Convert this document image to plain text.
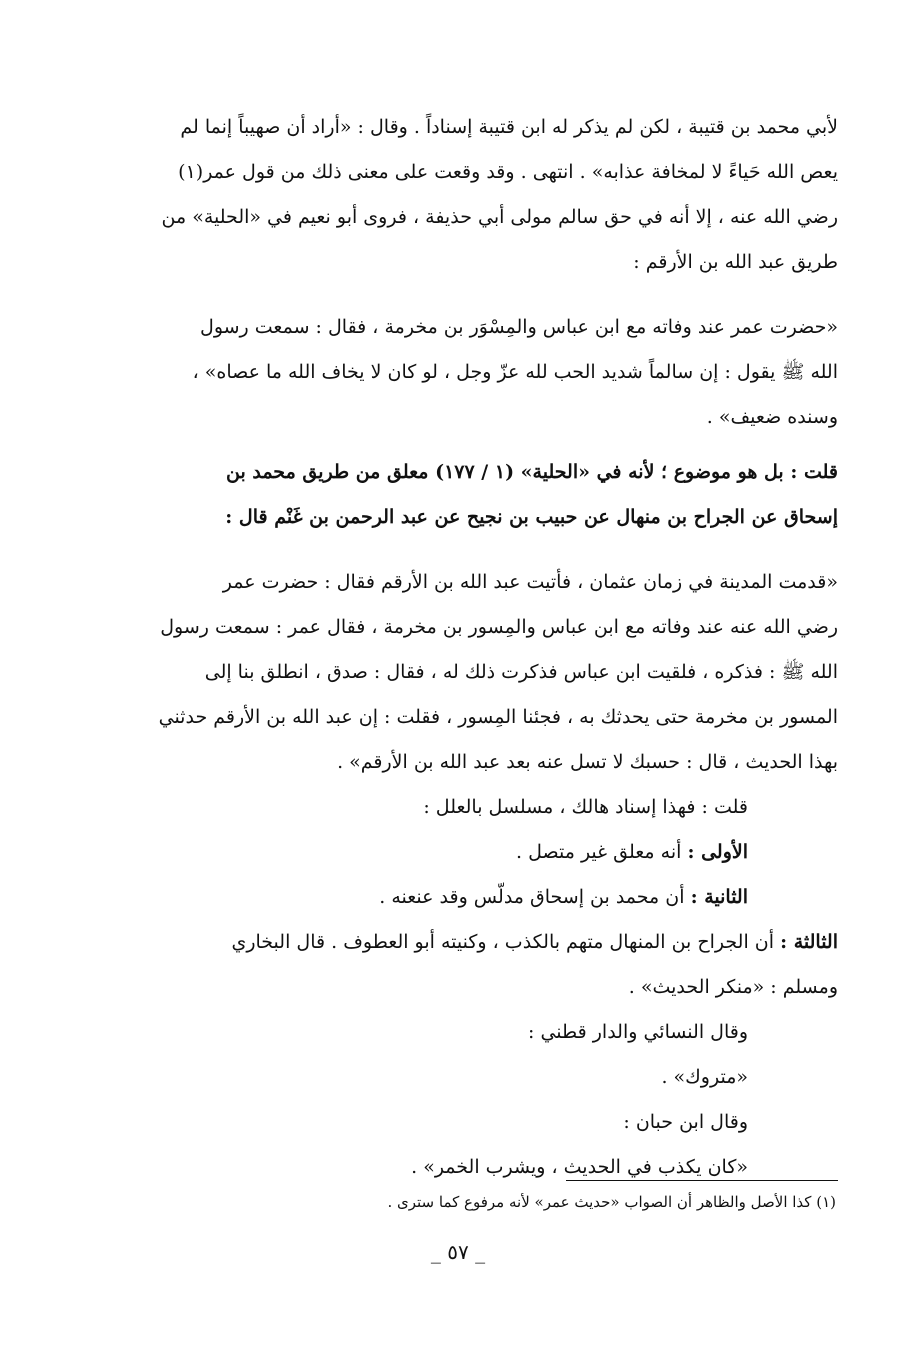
لأبي محمد بن قتيبة ، لكن لم يذكر له ابن قتيبة إسناداً . وقال : «أراد أن صهيباً إنما لم
يعص الله حَياءً لا لمخافة عذابه» . انتهى . وقد وقعت على معنى ذلك من قول عمر(١)
رضي الله عنه ، إلا أنه في حق سالم مولى أبي حذيفة ، فروى أبو نعيم في «الحلية» من
طريق عبد الله بن الأرقم :
«حضرت عمر عند وفاته مع ابن عباس والمِسْوَر بن مخرمة ، فقال : سمعت رسول
الله ﷺ يقول : إن سالماً شديد الحب لله عزّ وجل ، لو كان لا يخاف الله ما عصاه» ،
وسنده ضعيف» .
قلت : بل هو موضوع ؛ لأنه في «الحلية» (١ / ١٧٧) معلق من طريق محمد بن
إسحاق عن الجراح بن منهال عن حبيب بن نجيح عن عبد الرحمن بن غَنْم قال :
«قدمت المدينة في زمان عثمان ، فأتيت عبد الله بن الأرقم فقال : حضرت عمر
رضي الله عنه عند وفاته مع ابن عباس والمِسور بن مخرمة ، فقال عمر : سمعت رسول
الله ﷺ : فذكره ، فلقيت ابن عباس فذكرت ذلك له ، فقال : صدق ، انطلق بنا إلى
المسور بن مخرمة حتى يحدثك به ، فجئنا المِسور ، فقلت : إن عبد الله بن الأرقم حدثني
بهذا الحديث ، قال : حسبك لا تسل عنه بعد عبد الله بن الأرقم» .
قلت : فهذا إسناد هالك ، مسلسل بالعلل :
الأولى : أنه معلق غير متصل .
الثانية : أن محمد بن إسحاق مدلّس وقد عنعنه .
الثالثة : أن الجراح بن المنهال متهم بالكذب ، وكنيته أبو العطوف . قال البخاري
ومسلم : «منكر الحديث» .
وقال النسائي والدار قطني :
«متروك» .
وقال ابن حبان :
«كان يكذب في الحديث ، ويشرب الخمر» .
(١) كذا الأصل والظاهر أن الصواب «حديث عمر» لأنه مرفوع كما سترى .
_ ٥٧ _
